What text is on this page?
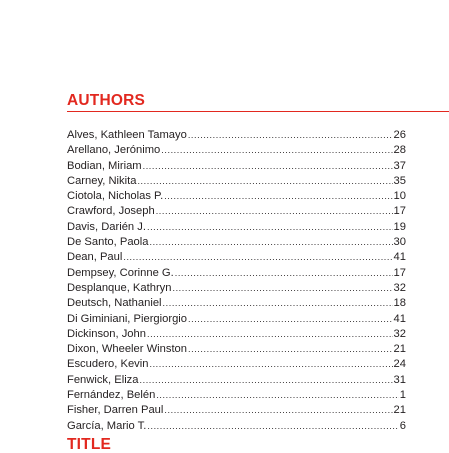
AUTHORS
Alves, Kathleen Tamayo .....	26
Arellano, Jerónimo .....	28
Bodian, Miriam .....	37
Carney, Nikita .....	35
Ciotola, Nicholas P. .....	10
Crawford, Joseph .....	17
Davis, Darién J. .....	19
De Santo, Paola .....	30
Dean, Paul .....	41
Dempsey, Corinne G. .....	17
Desplanque, Kathryn .....	32
Deutsch, Nathaniel .....	18
Di Giminiani, Piergiorgio .....	41
Dickinson, John .....	32
Dixon, Wheeler Winston .....	21
Escudero, Kevin .....	24
Fenwick, Eliza .....	31
Fernández, Belén .....	1
Fisher, Darren Paul .....	21
García, Mario T. .....	6
TITLE
